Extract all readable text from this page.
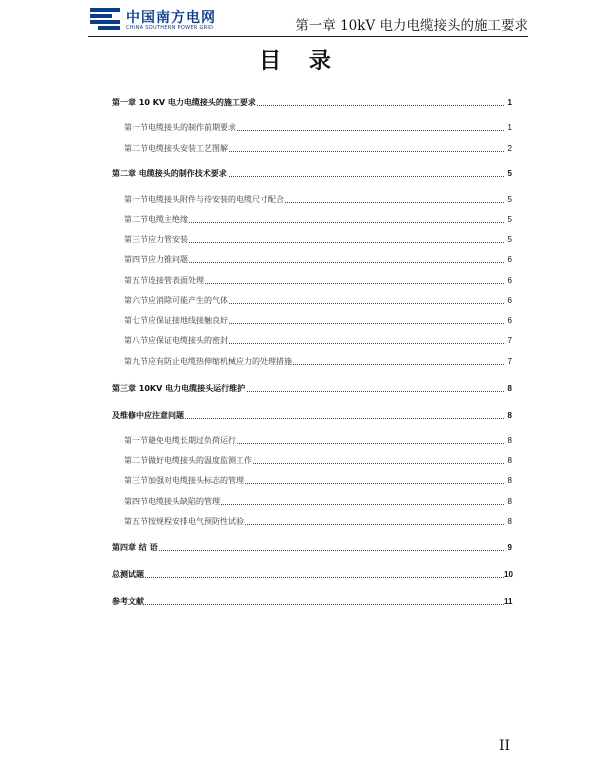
中国南方电网
CHINA SOUTHERN POWER GRID	第一章 10kV 电力电缆接头的施工要求
目 录
第一章 10 KV 电力电缆接头的施工要求	1
第一节电缆接头的制作前期要求	1
第二节电缆接头安装工艺图解	2
第二章 电缆接头的制作技术要求	5
第一节电缆接头附件与待安装的电缆尺寸配合	5
第二节电缆主绝缘	5
第三节应力管安装	5
第四节应力锥问题	6
第五节连接管表面处理	6
第六节应消除可能产生的气体	6
第七节应保证接地线接触良好	6
第八节应保证电缆接头的密封	7
第九节应有防止电缆热伸缩机械应力的处理措施	7
第三章 10KV 电力电缆接头运行维护	8
及维修中应注意问题	8
第一节避免电缆长期过负荷运行	8
第二节做好电缆接头的温度监测工作	8
第三节加强对电缆接头标志的管理	8
第四节电缆接头缺陷的管理	8
第五节按规程安排电气预防性试验	8
第四章 结 语	9
总测试题	10
参考文献	11
II
